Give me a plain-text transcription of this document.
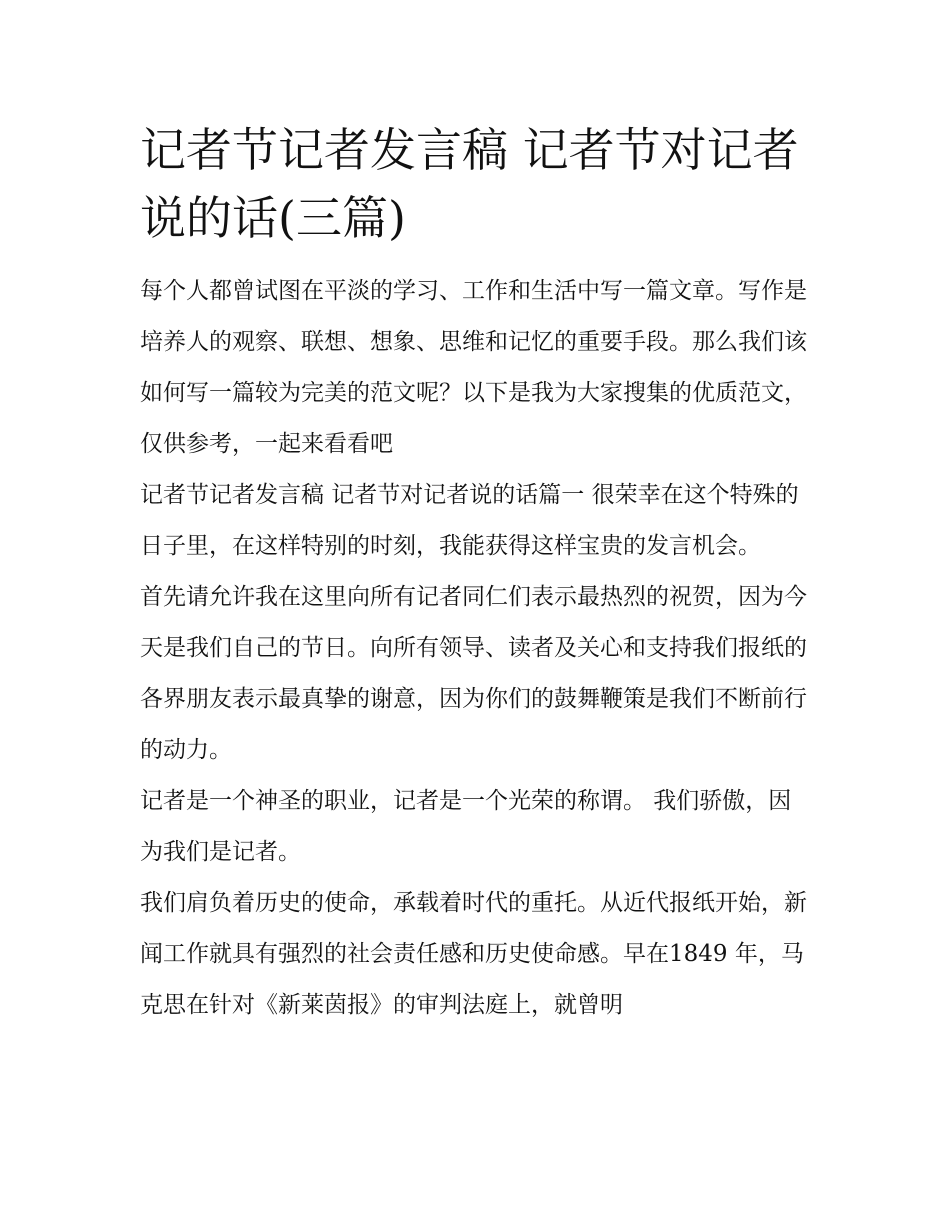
记者节记者发言稿 记者节对记者说的话(三篇)

每个人都曾试图在平淡的学习、工作和生活中写一篇文章。写作是培养人的观察、联想、想象、思维和记忆的重要手段。那么我们该如何写一篇较为完美的范文呢？以下是我为大家搜集的优质范文，仅供参考，一起来看看吧

记者节记者发言稿 记者节对记者说的话篇一 很荣幸在这个特殊的日子里，在这样特别的时刻，我能获得这样宝贵的发言机会。

首先请允许我在这里向所有记者同仁们表示最热烈的祝贺，因为今天是我们自己的节日。向所有领导、读者及关心和支持我们报纸的各界朋友表示最真挚的谢意，因为你们的鼓舞鞭策是我们不断前行的动力。

记者是一个神圣的职业，记者是一个光荣的称谓。 我们骄傲，因为我们是记者。

我们肩负着历史的使命，承载着时代的重托。从近代报纸开始，新闻工作就具有强烈的社会责任感和历史使命感。早在1849 年，马克思在针对《新莱茵报》的审判法庭上，就曾明
